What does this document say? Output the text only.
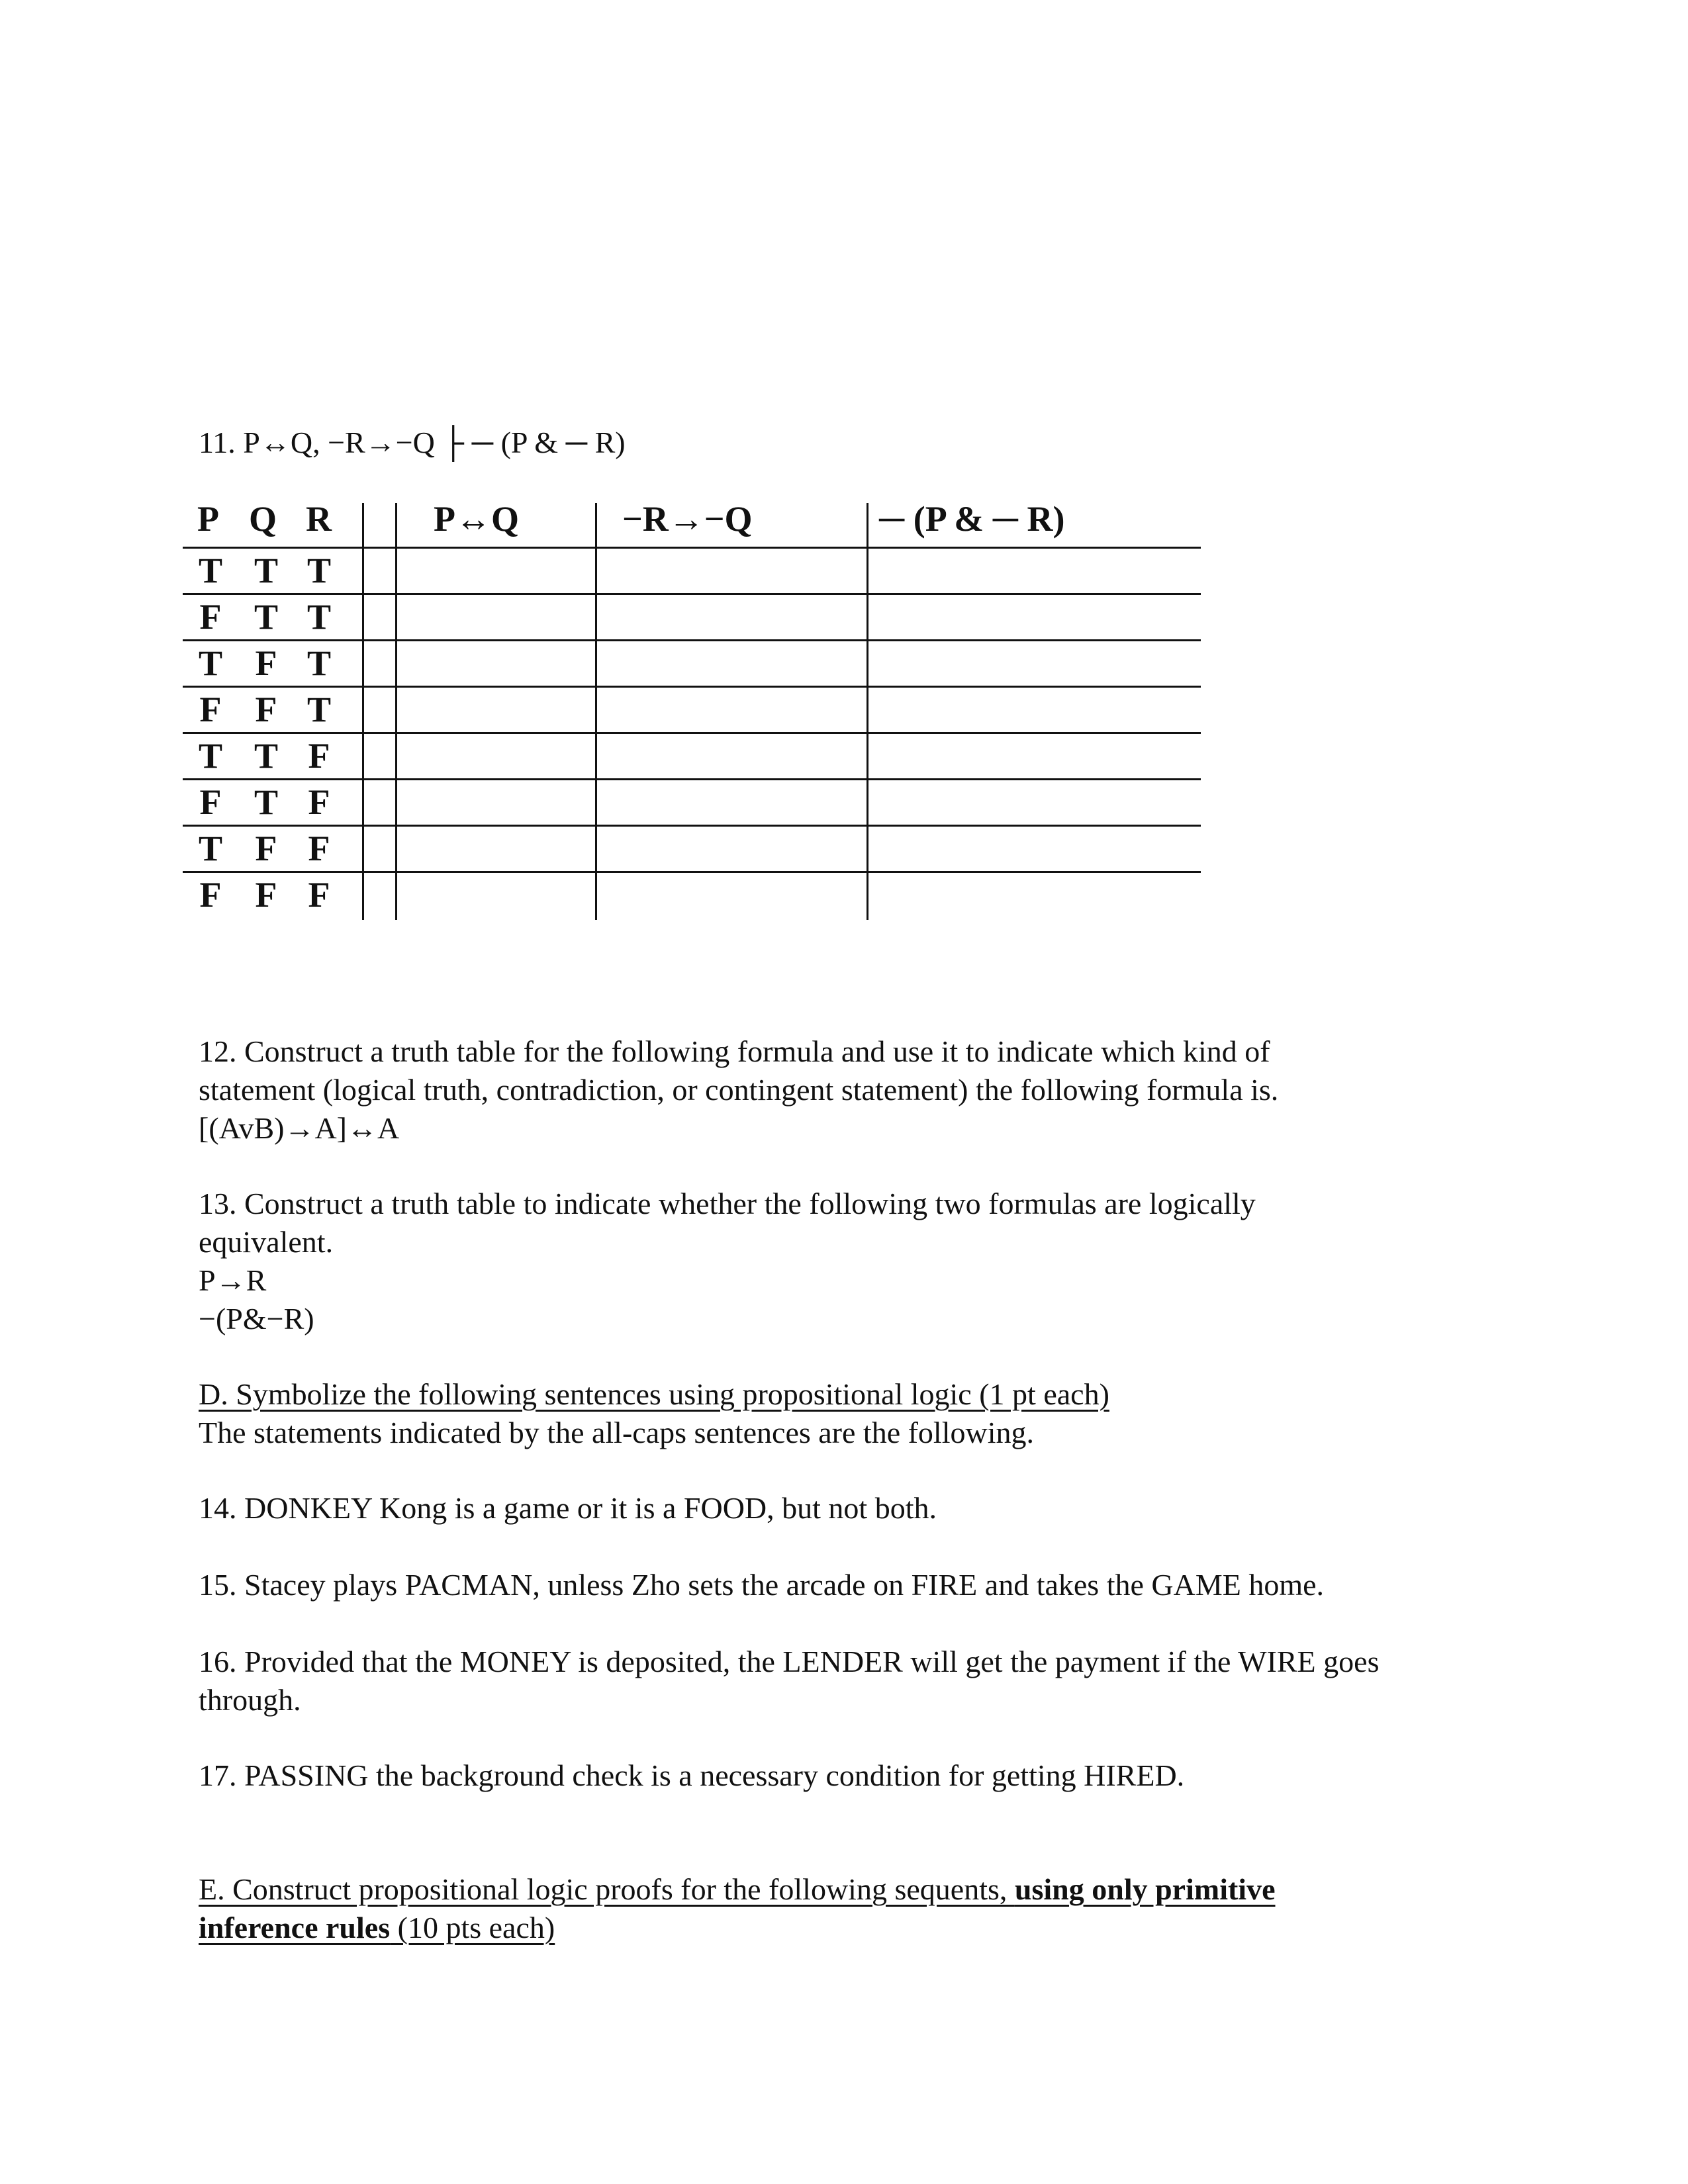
11. P↔Q, −R→−Q ├ ─ (P & ─ R)
P Q R	P↔Q	−R→−Q	─ (P & ─ R)
T T T
F T T
T F T
F F T
T T F
F T F
T F F
F F F
12. Construct a truth table for the following formula and use it to indicate which kind of
statement (logical truth, contradiction, or contingent statement) the following formula is.
[(AvB)→A]↔A
13. Construct a truth table to indicate whether the following two formulas are logically
equivalent.
P→R
−(P&−R)
D. Symbolize the following sentences using propositional logic (1 pt each)
The statements indicated by the all-caps sentences are the following.
14. DONKEY Kong is a game or it is a FOOD, but not both.
15. Stacey plays PACMAN, unless Zho sets the arcade on FIRE and takes the GAME home.
16. Provided that the MONEY is deposited, the LENDER will get the payment if the WIRE goes
through.
17. PASSING the background check is a necessary condition for getting HIRED.
E. Construct propositional logic proofs for the following sequents, using only primitive
inference rules (10 pts each)
